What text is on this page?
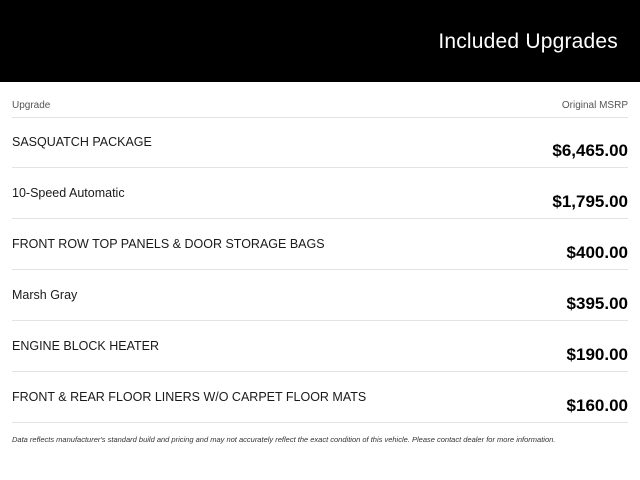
Included Upgrades
Upgrade	Original MSRP
SASQUATCH PACKAGE	$6,465.00
10-Speed Automatic	$1,795.00
FRONT ROW TOP PANELS & DOOR STORAGE BAGS	$400.00
Marsh Gray	$395.00
ENGINE BLOCK HEATER	$190.00
FRONT & REAR FLOOR LINERS W/O CARPET FLOOR MATS	$160.00
Data reflects manufacturer's standard build and pricing and may not accurately reflect the exact condition of this vehicle. Please contact dealer for more information.
